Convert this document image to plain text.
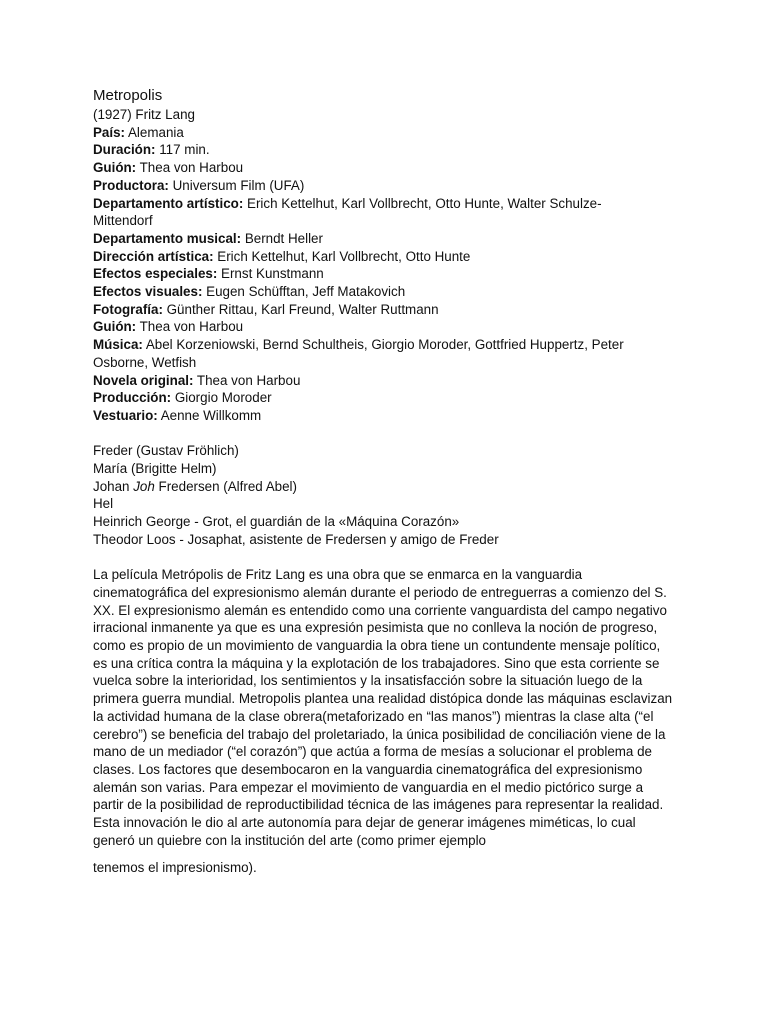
Metropolis
(1927) Fritz Lang
País: Alemania
Duración: 117 min.
Guión: Thea von Harbou
Productora: Universum Film (UFA)
Departamento artístico: Erich Kettelhut, Karl Vollbrecht, Otto Hunte, Walter Schulze-Mittendorf
Departamento musical: Berndt Heller
Dirección artística: Erich Kettelhut, Karl Vollbrecht, Otto Hunte
Efectos especiales: Ernst Kunstmann
Efectos visuales: Eugen Schüfftan, Jeff Matakovich
Fotografía: Günther Rittau, Karl Freund, Walter Ruttmann
Guión: Thea von Harbou
Música: Abel Korzeniowski, Bernd Schultheis, Giorgio Moroder, Gottfried Huppertz, Peter Osborne, Wetfish
Novela original: Thea von Harbou
Producción: Giorgio Moroder
Vestuario: Aenne Willkomm
Freder (Gustav Fröhlich)
María (Brigitte Helm)
Johan Joh Fredersen (Alfred Abel)
Hel
Heinrich George - Grot, el guardián de la «Máquina Corazón»
Theodor Loos - Josaphat, asistente de Fredersen y amigo de Freder

La película Metrópolis de Fritz Lang es una obra que se enmarca en la vanguardia cinematográfica del expresionismo alemán durante el periodo de entreguerras a comienzo del S. XX. El expresionismo alemán es entendido como una corriente vanguardista del campo negativo irracional inmanente ya que es una expresión pesimista que no conlleva la noción de progreso, como es propio de un movimiento de vanguardia la obra tiene un contundente mensaje político, es una crítica contra la máquina y la explotación de los trabajadores. Sino que esta corriente se vuelca sobre la interioridad, los sentimientos y la insatisfacción sobre la situación luego de la primera guerra mundial. Metropolis plantea una realidad distópica donde las máquinas esclavizan la actividad humana de la clase obrera(metaforizado en “las manos”) mientras la clase alta (“el cerebro”) se beneficia del trabajo del proletariado, la única posibilidad de conciliación viene de la mano de un mediador (“el corazón”) que actúa a forma de mesías a solucionar el problema de clases. Los factores que desembocaron en la vanguardia cinematográfica del expresionismo alemán son varias. Para empezar el movimiento de vanguardia en el medio pictórico surge a partir de la posibilidad de reproductibilidad técnica de las imágenes para representar la realidad. Esta innovación le dio al arte autonomía para dejar de generar imágenes miméticas, lo cual generó un quiebre con la institución del arte (como primer ejemplo

tenemos el impresionismo).
